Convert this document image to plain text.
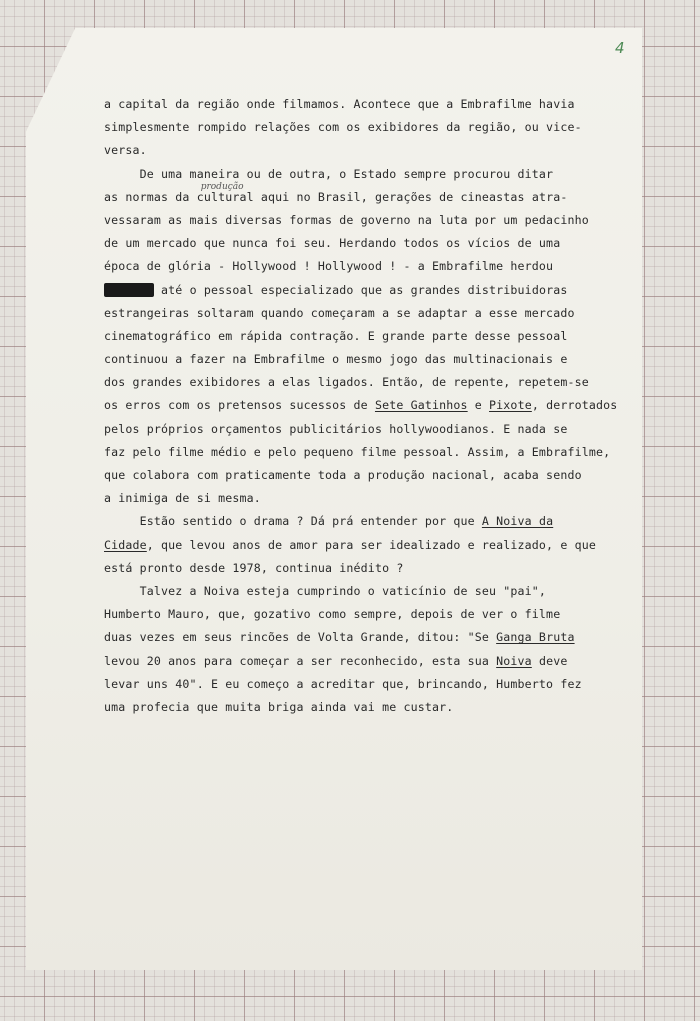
4
a capital da região onde filmamos. Acontece que a Embrafilme havia
simplesmente rompido relações com os exibidores da região, ou vice-
versa.
De uma maneira ou de outra, o Estado sempre procurou ditar
as normas da
produção
cultural aqui no Brasil, gerações de cineastas atra-
vessaram as mais diversas formas de governo na luta por um pedacinho
de um mercado que nunca foi seu. Herdando todos os vícios de uma
época de glória - Hollywood ! Hollywood ! - a Embrafilme herdou
até o pessoal especializado que as grandes distribuidoras
estrangeiras soltaram quando começaram a se adaptar a esse mercado
cinematográfico em rápida contração. E grande parte desse pessoal
continuou a fazer na Embrafilme o mesmo jogo das multinacionais e
dos grandes exibidores a elas ligados. Então, de repente, repetem-se
os erros com os pretensos sucessos de Sete Gatinhos e Pixote, derrotados
pelos próprios orçamentos publicitários hollywoodianos. E nada se
faz pelo filme médio e pelo pequeno filme pessoal. Assim, a Embrafilme,
que colabora com praticamente toda a produção nacional, acaba sendo
a inimiga de si mesma.
Estão sentido o drama ? Dá prá entender por que A Noiva da
Cidade, que levou anos de amor para ser idealizado e realizado, e que
está pronto desde 1978, continua inédito ?
Talvez a Noiva esteja cumprindo o vaticínio de seu "pai",
Humberto Mauro, que, gozativo como sempre, depois de ver o filme
duas vezes em seus rincões de Volta Grande, ditou: "Se Ganga Bruta
levou 20 anos para começar a ser reconhecido, esta sua Noiva deve
levar uns 40". E eu começo a acreditar que, brincando, Humberto fez
uma profecia que muita briga ainda vai me custar.
